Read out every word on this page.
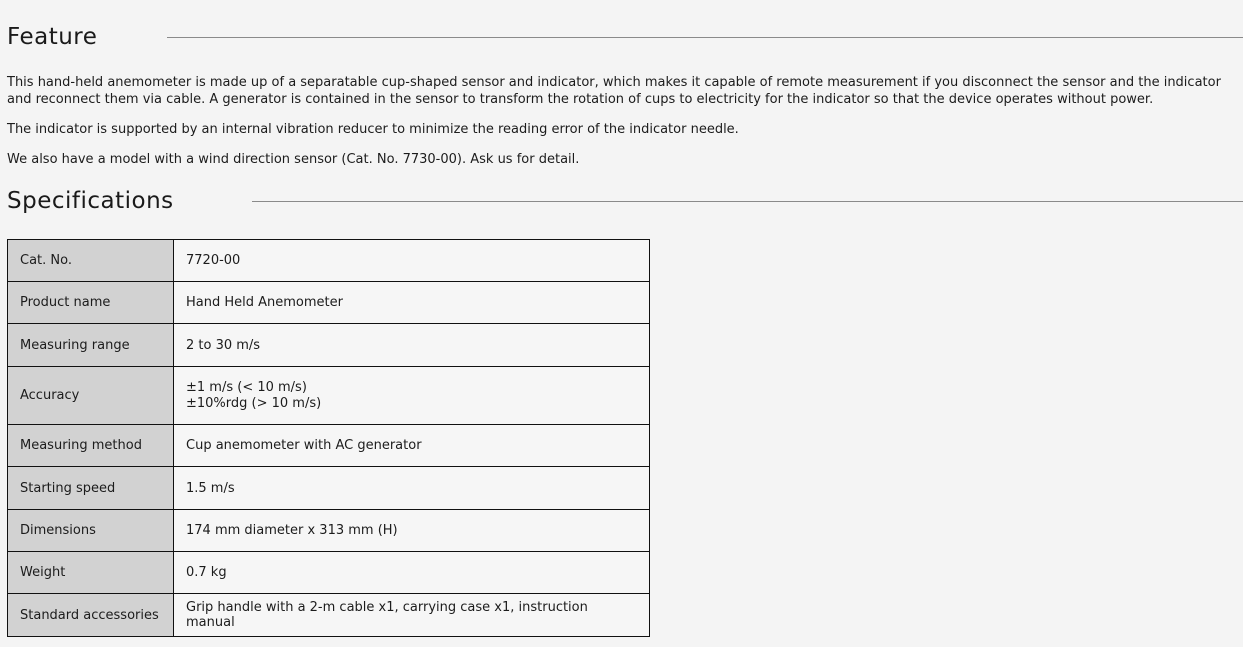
Feature

This hand-held anemometer is made up of a separatable cup-shaped sensor and indicator, which makes it capable of remote measurement if you disconnect the sensor and the indicator and reconnect them via cable. A generator is contained in the sensor to transform the rotation of cups to electricity for the indicator so that the device operates without power.

The indicator is supported by an internal vibration reducer to minimize the reading error of the indicator needle.

We also have a model with a wind direction sensor (Cat. No. 7730-00). Ask us for detail.

Specifications
Cat. No.	7720-00
Product name	Hand Held Anemometer
Measuring range	2 to 30 m/s
Accuracy	±1 m/s (< 10 m/s)
±10%rdg (> 10 m/s)

Measuring method	Cup anemometer with AC generator
Starting speed	1.5 m/s
Dimensions	174 mm diameter x 313 mm (H)
Weight	0.7 kg
Standard accessories	Grip handle with a 2-m cable x1, carrying case x1, instruction manual
